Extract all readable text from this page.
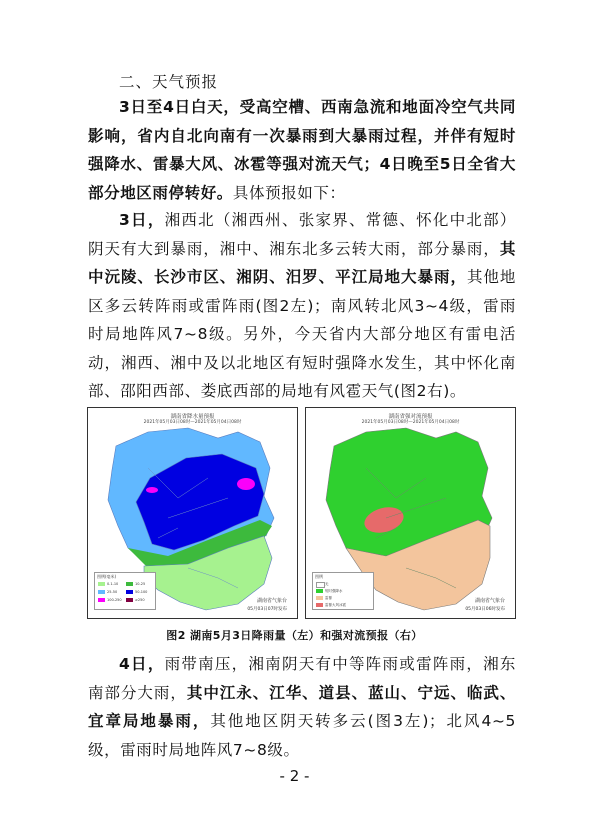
二、天气预报

3日至4日白天，受高空槽、西南急流和地面冷空气共同影响，省内自北向南有一次暴雨到大暴雨过程，并伴有短时强降水、雷暴大风、冰雹等强对流天气；4日晚至5日全省大部分地区雨停转好。具体预报如下：

3日，湘西北（湘西州、张家界、常德、怀化中北部）阴天有大到暴雨，湘中、湘东北多云转大雨，部分暴雨，其中沅陵、长沙市区、湘阴、汨罗、平江局地大暴雨，其他地区多云转阵雨或雷阵雨(图2左)；南风转北风3~4级，雷雨时局地阵风7~8级。另外，今天省内大部分地区有雷电活动，湘西、湘中及以北地区有短时强降水发生，其中怀化南部、邵阳西部、娄底西部的局地有风雹天气(图2右)。

湖南省降水量预报
2021年05月03日08时—2021年05月04日08时
图例(毫米)
0.1-10	10-25
25-50	50-100
100-250	≥250	湖南省气象台
05月03日07时发布
湖南省强对流预报
2021年05月03日08时—2021年05月04日08时
图例
无
短时强降水
雷暴
雷暴大风冰雹
湖南省气象台
05月03日06时发布
图2 湖南5月3日降雨量（左）和强对流预报（右）

4日，雨带南压，湘南阴天有中等阵雨或雷阵雨，湘东南部分大雨，其中江永、江华、道县、蓝山、宁远、临武、宜章局地暴雨，其他地区阴天转多云(图3左)；北风4~5级，雷雨时局地阵风7~8级。

- 2 -
